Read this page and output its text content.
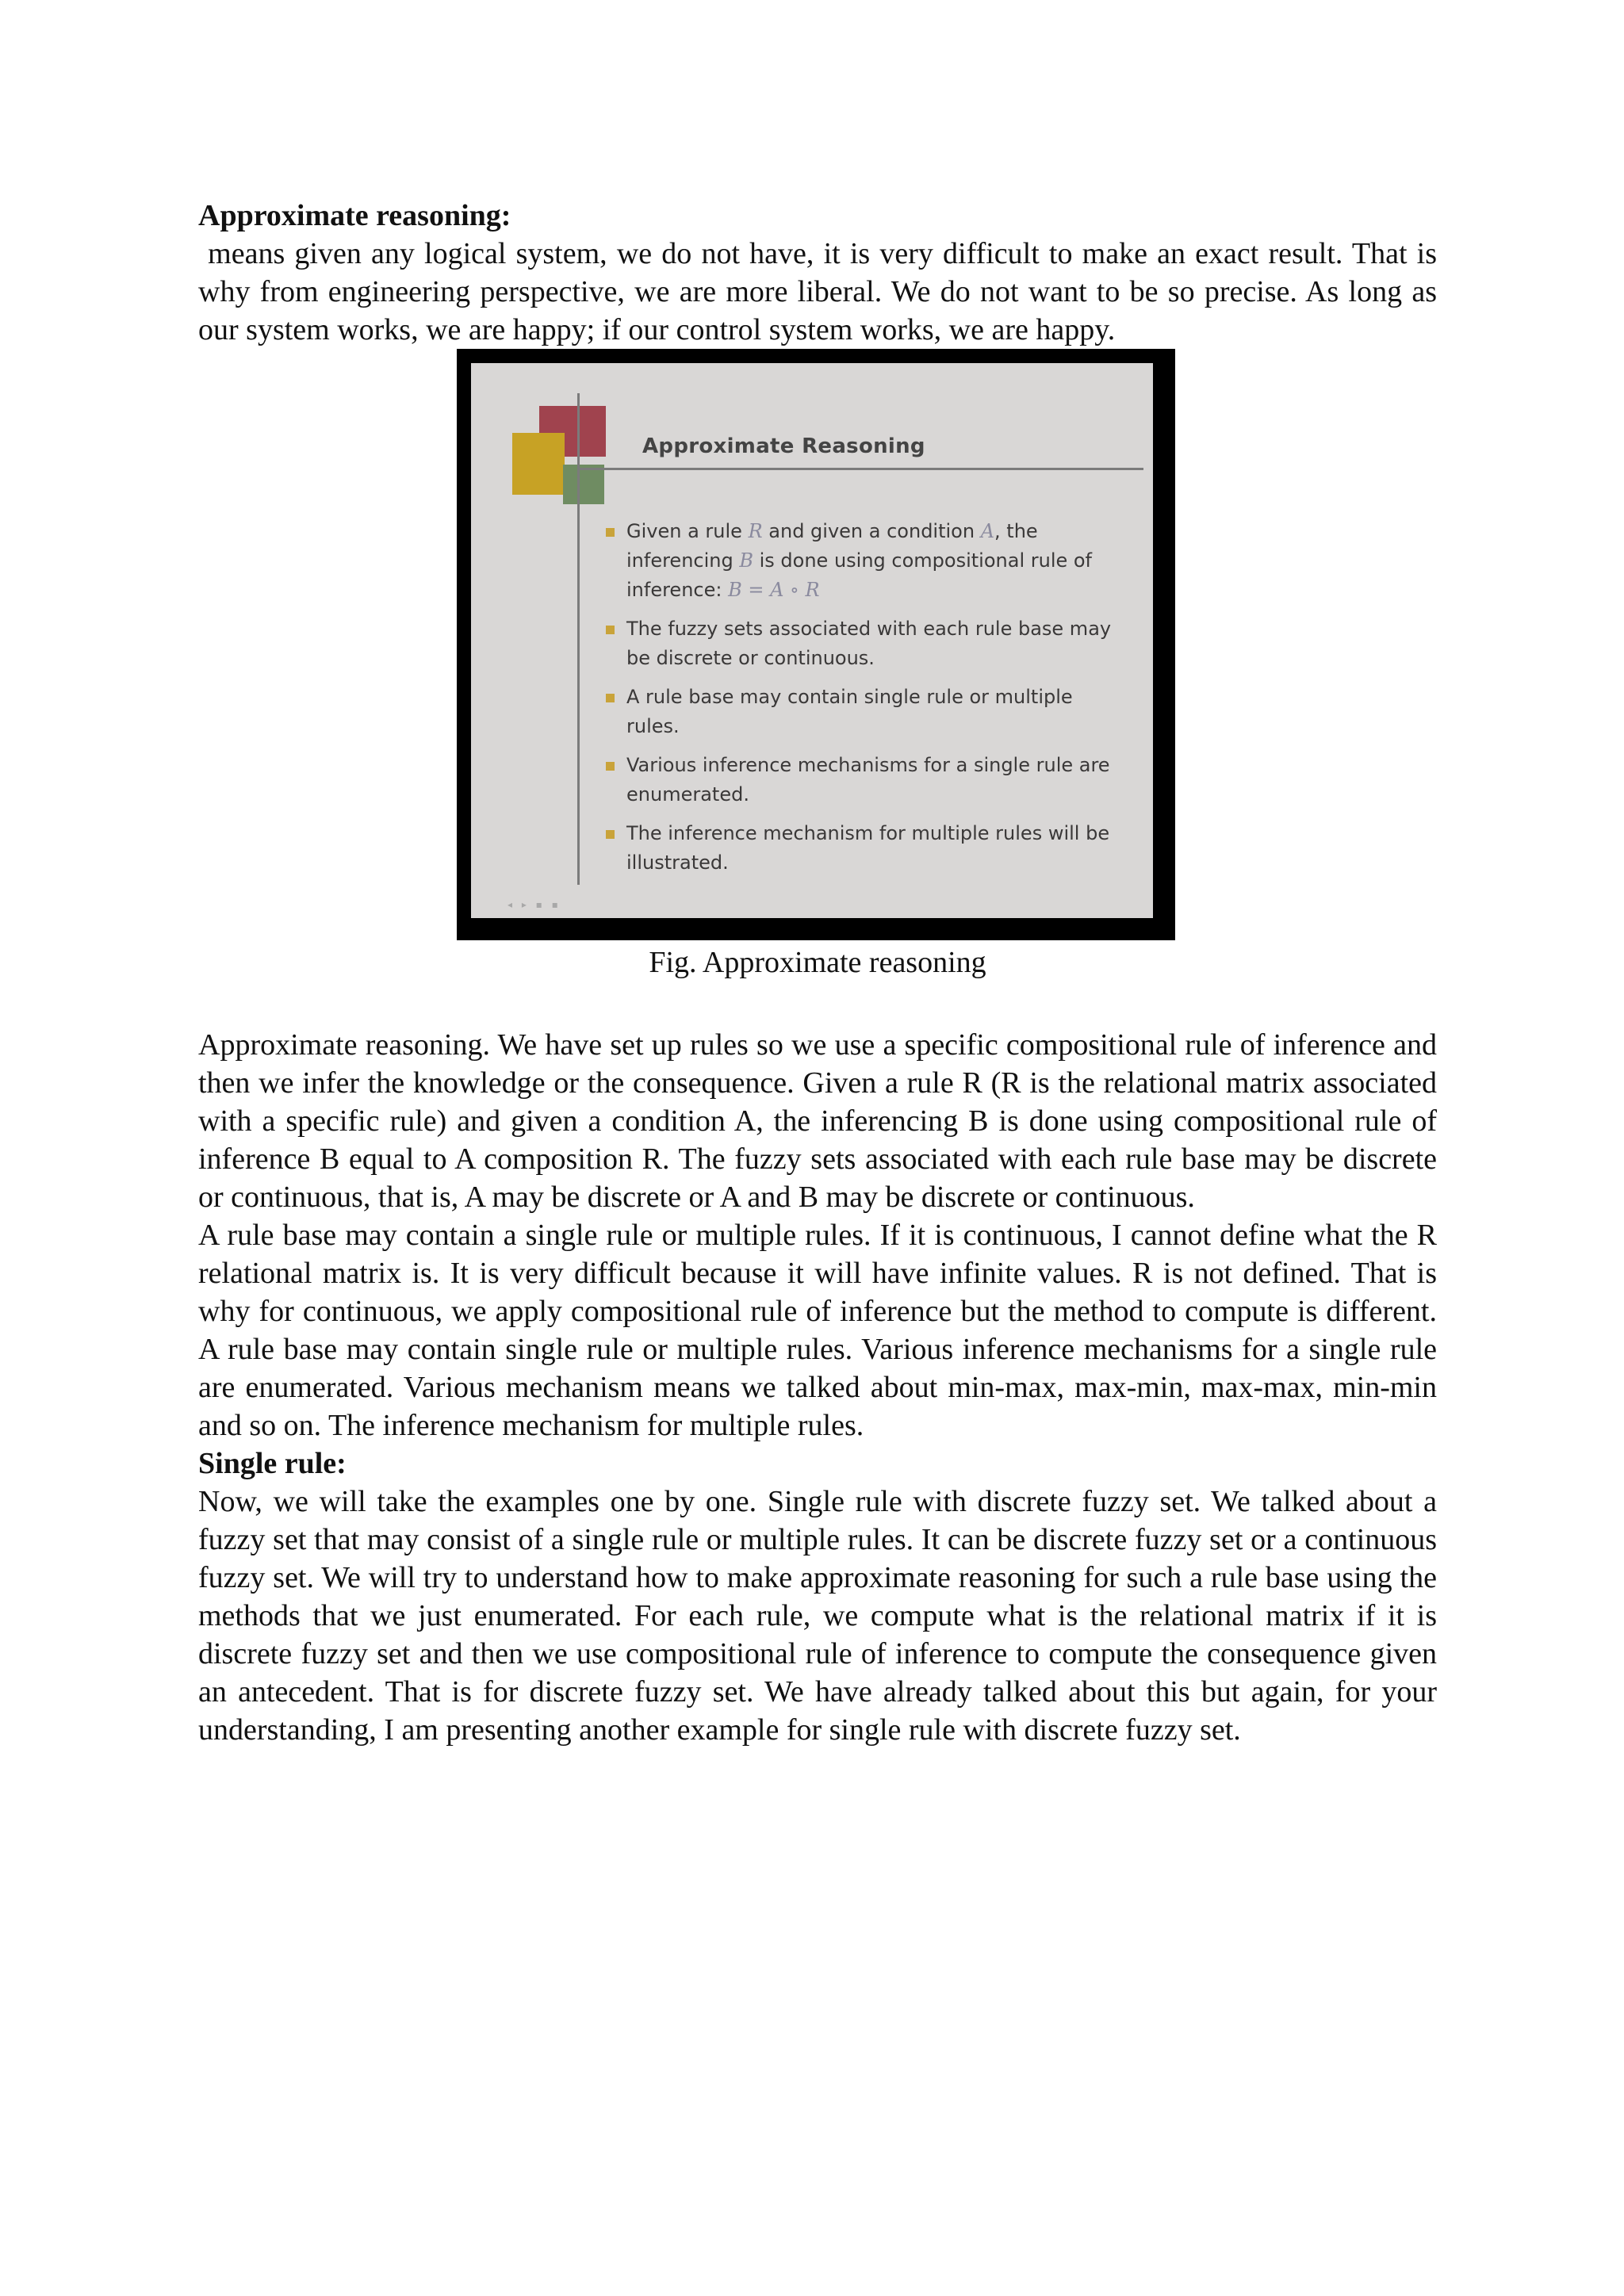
Approximate reasoning:

means given any logical system, we do not have, it is very difficult to make an exact result. That is why from engineering perspective, we are more liberal. We do not want to be so precise. As long as our system works, we are happy; if our control system works, we are happy.

Approximate Reasoning
Given a rule R and given a condition A, the inferencing B is done using compositional rule of inference: B = A ∘ R
The fuzzy sets associated with each rule base may be discrete or continuous.
A rule base may contain single rule or multiple rules.
Various inference mechanisms for a single rule are enumerated.
The inference mechanism for multiple rules will be illustrated.
◂ ▸ ▪ ▪

Fig. Approximate reasoning

Approximate reasoning. We have set up rules so we use a specific compositional rule of inference and then we infer the knowledge or the consequence. Given a rule R (R is the relational matrix associated with a specific rule) and given a condition A, the inferencing B is done using compositional rule of inference B equal to A composition R. The fuzzy sets associated with each rule base may be discrete or continuous, that is, A may be discrete or A and B may be discrete or continuous.

A rule base may contain a single rule or multiple rules. If it is continuous, I cannot define what the R relational matrix is. It is very difficult because it will have infinite values. R is not defined. That is why for continuous, we apply compositional rule of inference but the method to compute is different. A rule base may contain single rule or multiple rules. Various inference mechanisms for a single rule are enumerated. Various mechanism means we talked about min-max, max-min, max-max, min-min and so on. The inference mechanism for multiple rules.

Single rule:

Now, we will take the examples one by one. Single rule with discrete fuzzy set. We talked about a fuzzy set that may consist of a single rule or multiple rules. It can be discrete fuzzy set or a continuous fuzzy set. We will try to understand how to make approximate reasoning for such a rule base using the methods that we just enumerated. For each rule, we compute what is the relational matrix if it is discrete fuzzy set and then we use compositional rule of inference to compute the consequence given an antecedent. That is for discrete fuzzy set. We have already talked about this but again, for your understanding, I am presenting another example for single rule with discrete fuzzy set.
